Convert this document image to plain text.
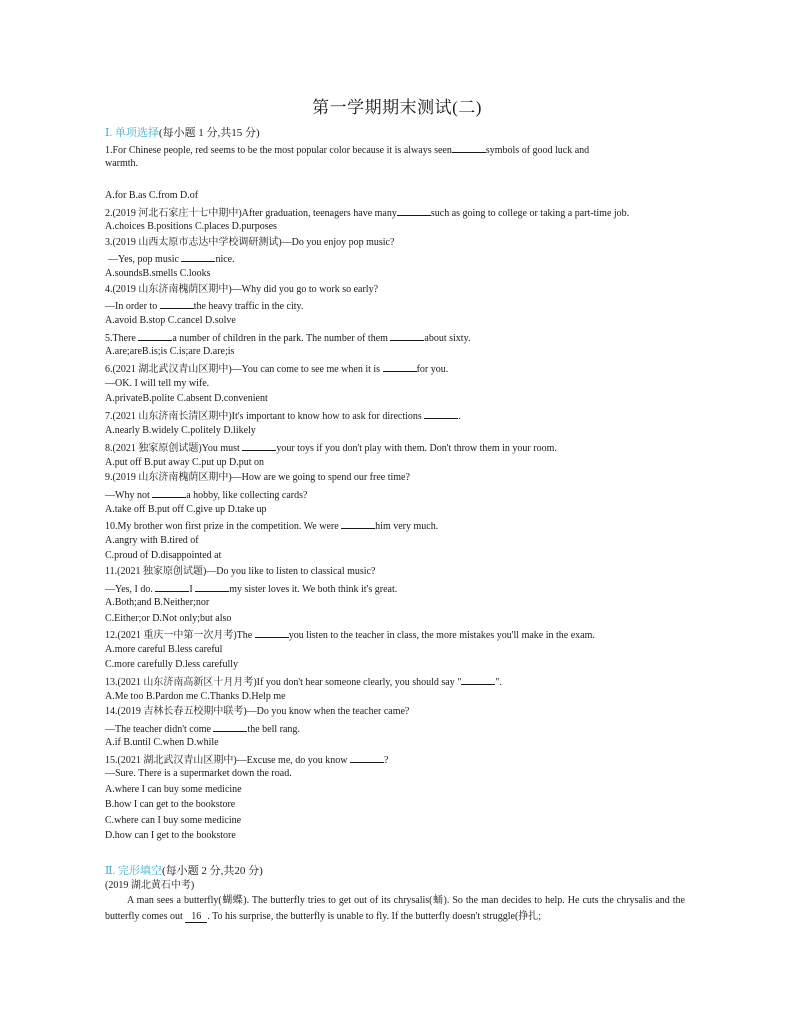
第一学期期末测试(二)
Ⅰ. 单项选择(每小题 1 分,共15 分)
1.For Chinese people, red seems to be the most popular color because it is always seen	symbols of good luck and
warmth.
A.for B.as C.from D.of
2.(2019 河北石家庄十七中期中)After graduation, teenagers have many	such as going to college or taking a part-time job.
A.choices B.positions C.places D.purposes
3.(2019 山西太原市志达中学校调研测试)—Do you enjoy pop music?
—Yes, pop music	nice.
A.soundsB.smells C.looks
4.(2019 山东济南槐荫区期中)—Why did you go to work so early?
—In order to	the heavy traffic in the city.
A.avoid B.stop C.cancel D.solve
5.There	a number of children in the park. The number of them	about sixty.
A.are;areB.is;is C.is;are D.are;is
6.(2021 湖北武汉青山区期中)—You can come to see me when it is	for you.
—OK. I will tell my wife.
A.privateB.polite C.absent D.convenient
7.(2021 山东济南长清区期中)It's important to know how to ask for directions	.
A.nearly B.widely C.politely D.likely
8.(2021 独家原创试题)You must	your toys if you don't play with them. Don't throw them in your room.
A.put off B.put away C.put up D.put on
9.(2019 山东济南槐荫区期中)—How are we going to spend our free time?
—Why not	a hobby, like collecting cards?
A.take off B.put off C.give up D.take up
10.My brother won first prize in the competition. We were	him very much.
A.angry with B.tired of
C.proud of D.disappointed at
11.(2021 独家原创试题)—Do you like to listen to classical music?
—Yes, I do.	I	my sister loves it. We both think it's great.
A.Both;and B.Neither;nor
C.Either;or D.Not only;but also
12.(2021 重庆一中第一次月考)The	you listen to the teacher in class, the more mistakes you'll make in the exam.
A.more careful B.less careful
C.more carefully D.less carefully
13.(2021 山东济南高新区十月月考)If you don't hear someone clearly, you should say "	".
A.Me too B.Pardon me C.Thanks D.Help me
14.(2019 吉林长春五校期中联考)—Do you know when the teacher came?
—The teacher didn't come	the bell rang.
A.if B.until C.when D.while
15.(2021 湖北武汉青山区期中)—Excuse me, do you know	?
—Sure. There is a supermarket down the road.
A.where I can buy some medicine
B.how I can get to the bookstore
C.where can I buy some medicine
D.how can I get to the bookstore
Ⅱ. 完形填空(每小题 2 分,共20 分)
(2019 湖北黄石中考)
A man sees a butterfly(蝴蝶). The butterfly tries to get out of its chrysalis(蛹). So the man decides to help. He cuts the chrysalis and the butterfly comes out 16 . To his surprise, the butterfly is unable to fly. If the butterfly doesn't struggle(挣扎;
